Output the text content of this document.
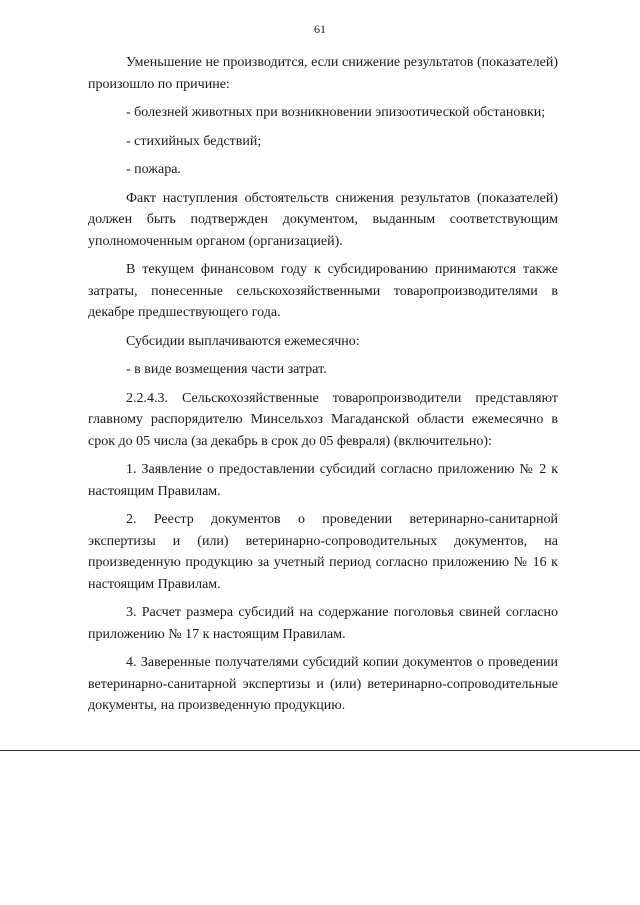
61

Уменьшение не производится, если снижение результатов (показателей) произошло по причине:

- болезней животных при возникновении эпизоотической обстановки;

- стихийных бедствий;

- пожара.

Факт наступления обстоятельств снижения результатов (показателей) должен быть подтвержден документом, выданным соответствующим уполномоченным органом (организацией).

В текущем финансовом году к субсидированию принимаются также затраты, понесенные сельскохозяйственными товаропроизводителями в декабре предшествующего года.

Субсидии выплачиваются ежемесячно:

- в виде возмещения части затрат.

2.2.4.3. Сельскохозяйственные товаропроизводители представляют главному распорядителю Минсельхоз Магаданской области ежемесячно в срок до 05 числа (за декабрь в срок до 05 февраля) (включительно):

1. Заявление о предоставлении субсидий согласно приложению № 2 к настоящим Правилам.

2. Реестр документов о проведении ветеринарно-санитарной экспертизы и (или) ветеринарно-сопроводительных документов, на произведенную продукцию за учетный период согласно приложению № 16 к настоящим Правилам.

3. Расчет размера субсидий на содержание поголовья свиней согласно приложению № 17 к настоящим Правилам.

4. Заверенные получателями субсидий копии документов о проведении ветеринарно-санитарной экспертизы и (или) ветеринарно-сопроводительные документы, на произведенную продукцию.
